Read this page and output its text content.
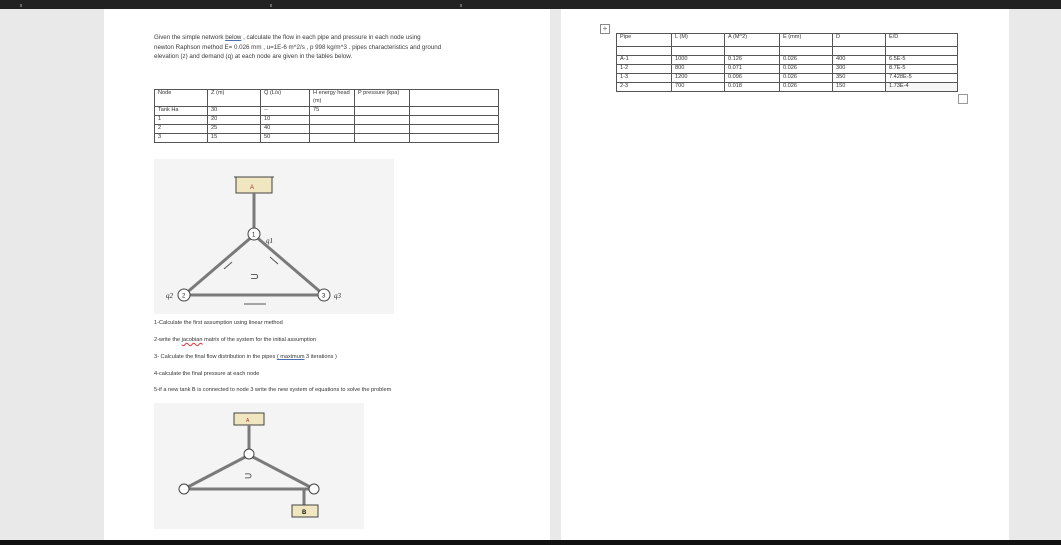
Given the simple network below , calculate the flow in each pipe and pressure in each node using
newton Raphson method E= 0.026 mm , u=1E-6 m^2/s , p 998 kg/m^3 . pipes characteristics and ground
elevation (z) and demand (q) at each node are given in the tables below.
Node	Z (m)	Q (L/s)	H energy head (m)	P pressure (kpa)	
Tank Ha	30	--	75		
1	20	10			
2	25	40			
3	15	50			
A
1
2	3
q1
q2	q3
⊃
1-Calculate the first assumption using linear method
2-write the jacobian matrix of the system for the initial assumption
3- Calculate the final flow distribution in the pipes ( maximum 3 iterations )
4-calculate the final pressure at each node
5-if a new tank B is connected to node 3 write the new system of equations to solve the problem
A
B
⊃
+
Pipe	L (M)	A (M^2)	E (mm)	D	E/D

A-1	1000	0.126	0.026	400	6.5E-5
1-2	800	0.071	0.026	300	8.7E-5
1-3	1200	0.096	0.026	350	7.428E-5
2-3	700	0.018	0.026	150	1.73E-4
